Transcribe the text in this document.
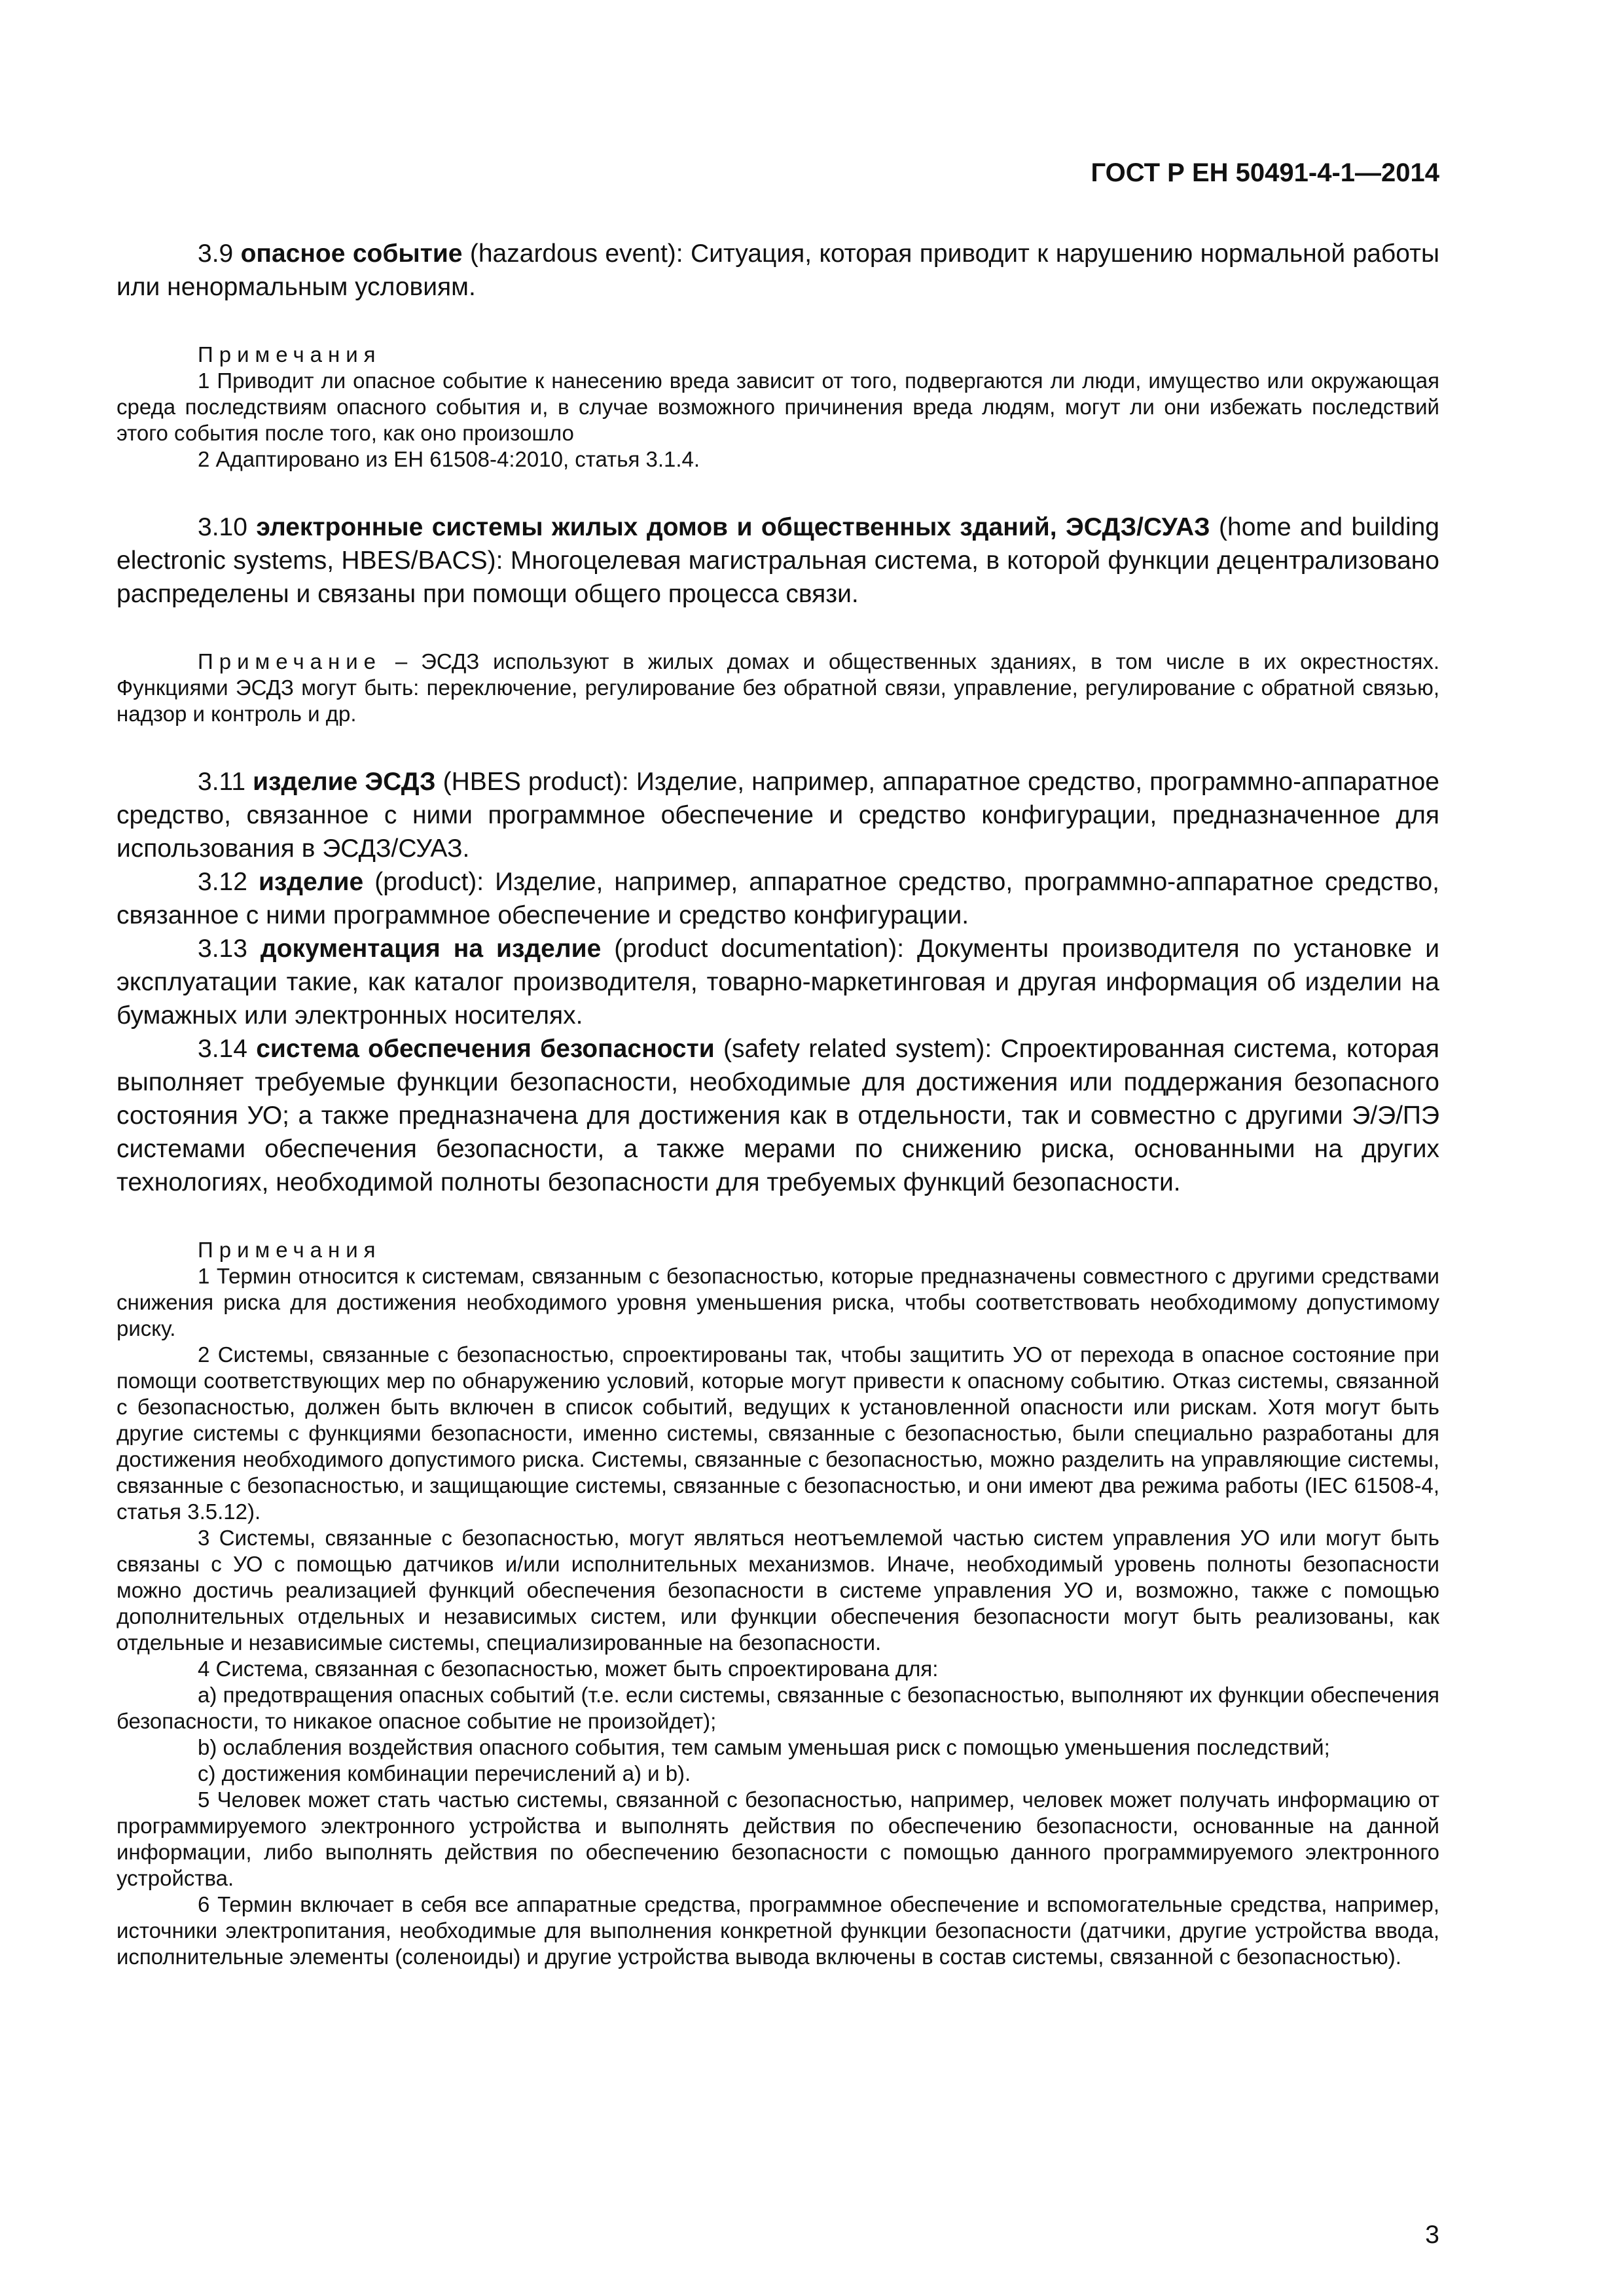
ГОСТ Р ЕН 50491-4-1—2014

3.9 опасное событие (hazardous event): Ситуация, которая приводит к нарушению нормальной работы или ненормальным условиям.

Примечания

1 Приводит ли опасное событие к нанесению вреда зависит от того, подвергаются ли люди, имущество или окружающая среда последствиям опасного события и, в случае возможного причинения вреда людям, могут ли они избежать последствий этого события после того, как оно произошло

2 Адаптировано из ЕН 61508-4:2010, статья 3.1.4.

3.10 электронные системы жилых домов и общественных зданий, ЭСДЗ/СУАЗ (home and building electronic systems, HBES/BACS): Многоцелевая магистральная система, в которой функции децентрализовано распределены и связаны при помощи общего процесса связи.

Примечание – ЭСДЗ используют в жилых домах и общественных зданиях, в том числе в их окрестностях. Функциями ЭСДЗ могут быть: переключение, регулирование без обратной связи, управление, регулирование с обратной связью, надзор и контроль и др.

3.11 изделие ЭСДЗ (HBES product): Изделие, например, аппаратное средство, программно-аппаратное средство, связанное с ними программное обеспечение и средство конфигурации, предназначенное для использования в ЭСДЗ/СУАЗ.

3.12 изделие (product): Изделие, например, аппаратное средство, программно-аппаратное средство, связанное с ними программное обеспечение и средство конфигурации.

3.13 документация на изделие (product documentation): Документы производителя по установке и эксплуатации такие, как каталог производителя, товарно-маркетинговая и другая информация об изделии на бумажных или электронных носителях.

3.14 система обеспечения безопасности (safety related system): Спроектированная система, которая выполняет требуемые функции безопасности, необходимые для достижения или поддержания безопасного состояния УО; а также предназначена для достижения как в отдельности, так и совместно с другими Э/Э/ПЭ системами обеспечения безопасности, а также мерами по снижению риска, основанными на других технологиях, необходимой полноты безопасности для требуемых функций безопасности.

Примечания

1 Термин относится к системам, связанным с безопасностью, которые предназначены совместного с другими средствами снижения риска для достижения необходимого уровня уменьшения риска, чтобы соответствовать необходимому допустимому риску.

2 Системы, связанные с безопасностью, спроектированы так, чтобы защитить УО от перехода в опасное состояние при помощи соответствующих мер по обнаружению условий, которые могут привести к опасному событию. Отказ системы, связанной с безопасностью, должен быть включен в список событий, ведущих к установленной опасности или рискам. Хотя могут быть другие системы с функциями безопасности, именно системы, связанные с безопасностью, были специально разработаны для достижения необходимого допустимого риска. Системы, связанные с безопасностью, можно разделить на управляющие системы, связанные с безопасностью, и защищающие системы, связанные с безопасностью, и они имеют два режима работы (IEC 61508-4, статья 3.5.12).

3 Системы, связанные с безопасностью, могут являться неотъемлемой частью систем управления УО или могут быть связаны с УО с помощью датчиков и/или исполнительных механизмов. Иначе, необходимый уровень полноты безопасности можно достичь реализацией функций обеспечения безопасности в системе управления УО и, возможно, также с помощью дополнительных отдельных и независимых систем, или функции обеспечения безопасности могут быть реализованы, как отдельные и независимые системы, специализированные на безопасности.

4 Система, связанная с безопасностью, может быть спроектирована для:

a) предотвращения опасных событий (т.е. если системы, связанные с безопасностью, выполняют их функции обеспечения безопасности, то никакое опасное событие не произойдет);

b) ослабления воздействия опасного события, тем самым уменьшая риск с помощью уменьшения последствий;

c) достижения комбинации перечислений a) и b).

5 Человек может стать частью системы, связанной с безопасностью, например, человек может получать информацию от программируемого электронного устройства и выполнять действия по обеспечению безопасности, основанные на данной информации, либо выполнять действия по обеспечению безопасности с помощью данного программируемого электронного устройства.

6 Термин включает в себя все аппаратные средства, программное обеспечение и вспомогательные средства, например, источники электропитания, необходимые для выполнения конкретной функции безопасности (датчики, другие устройства ввода, исполнительные элементы (соленоиды) и другие устройства вывода включены в состав системы, связанной с безопасностью).

3
